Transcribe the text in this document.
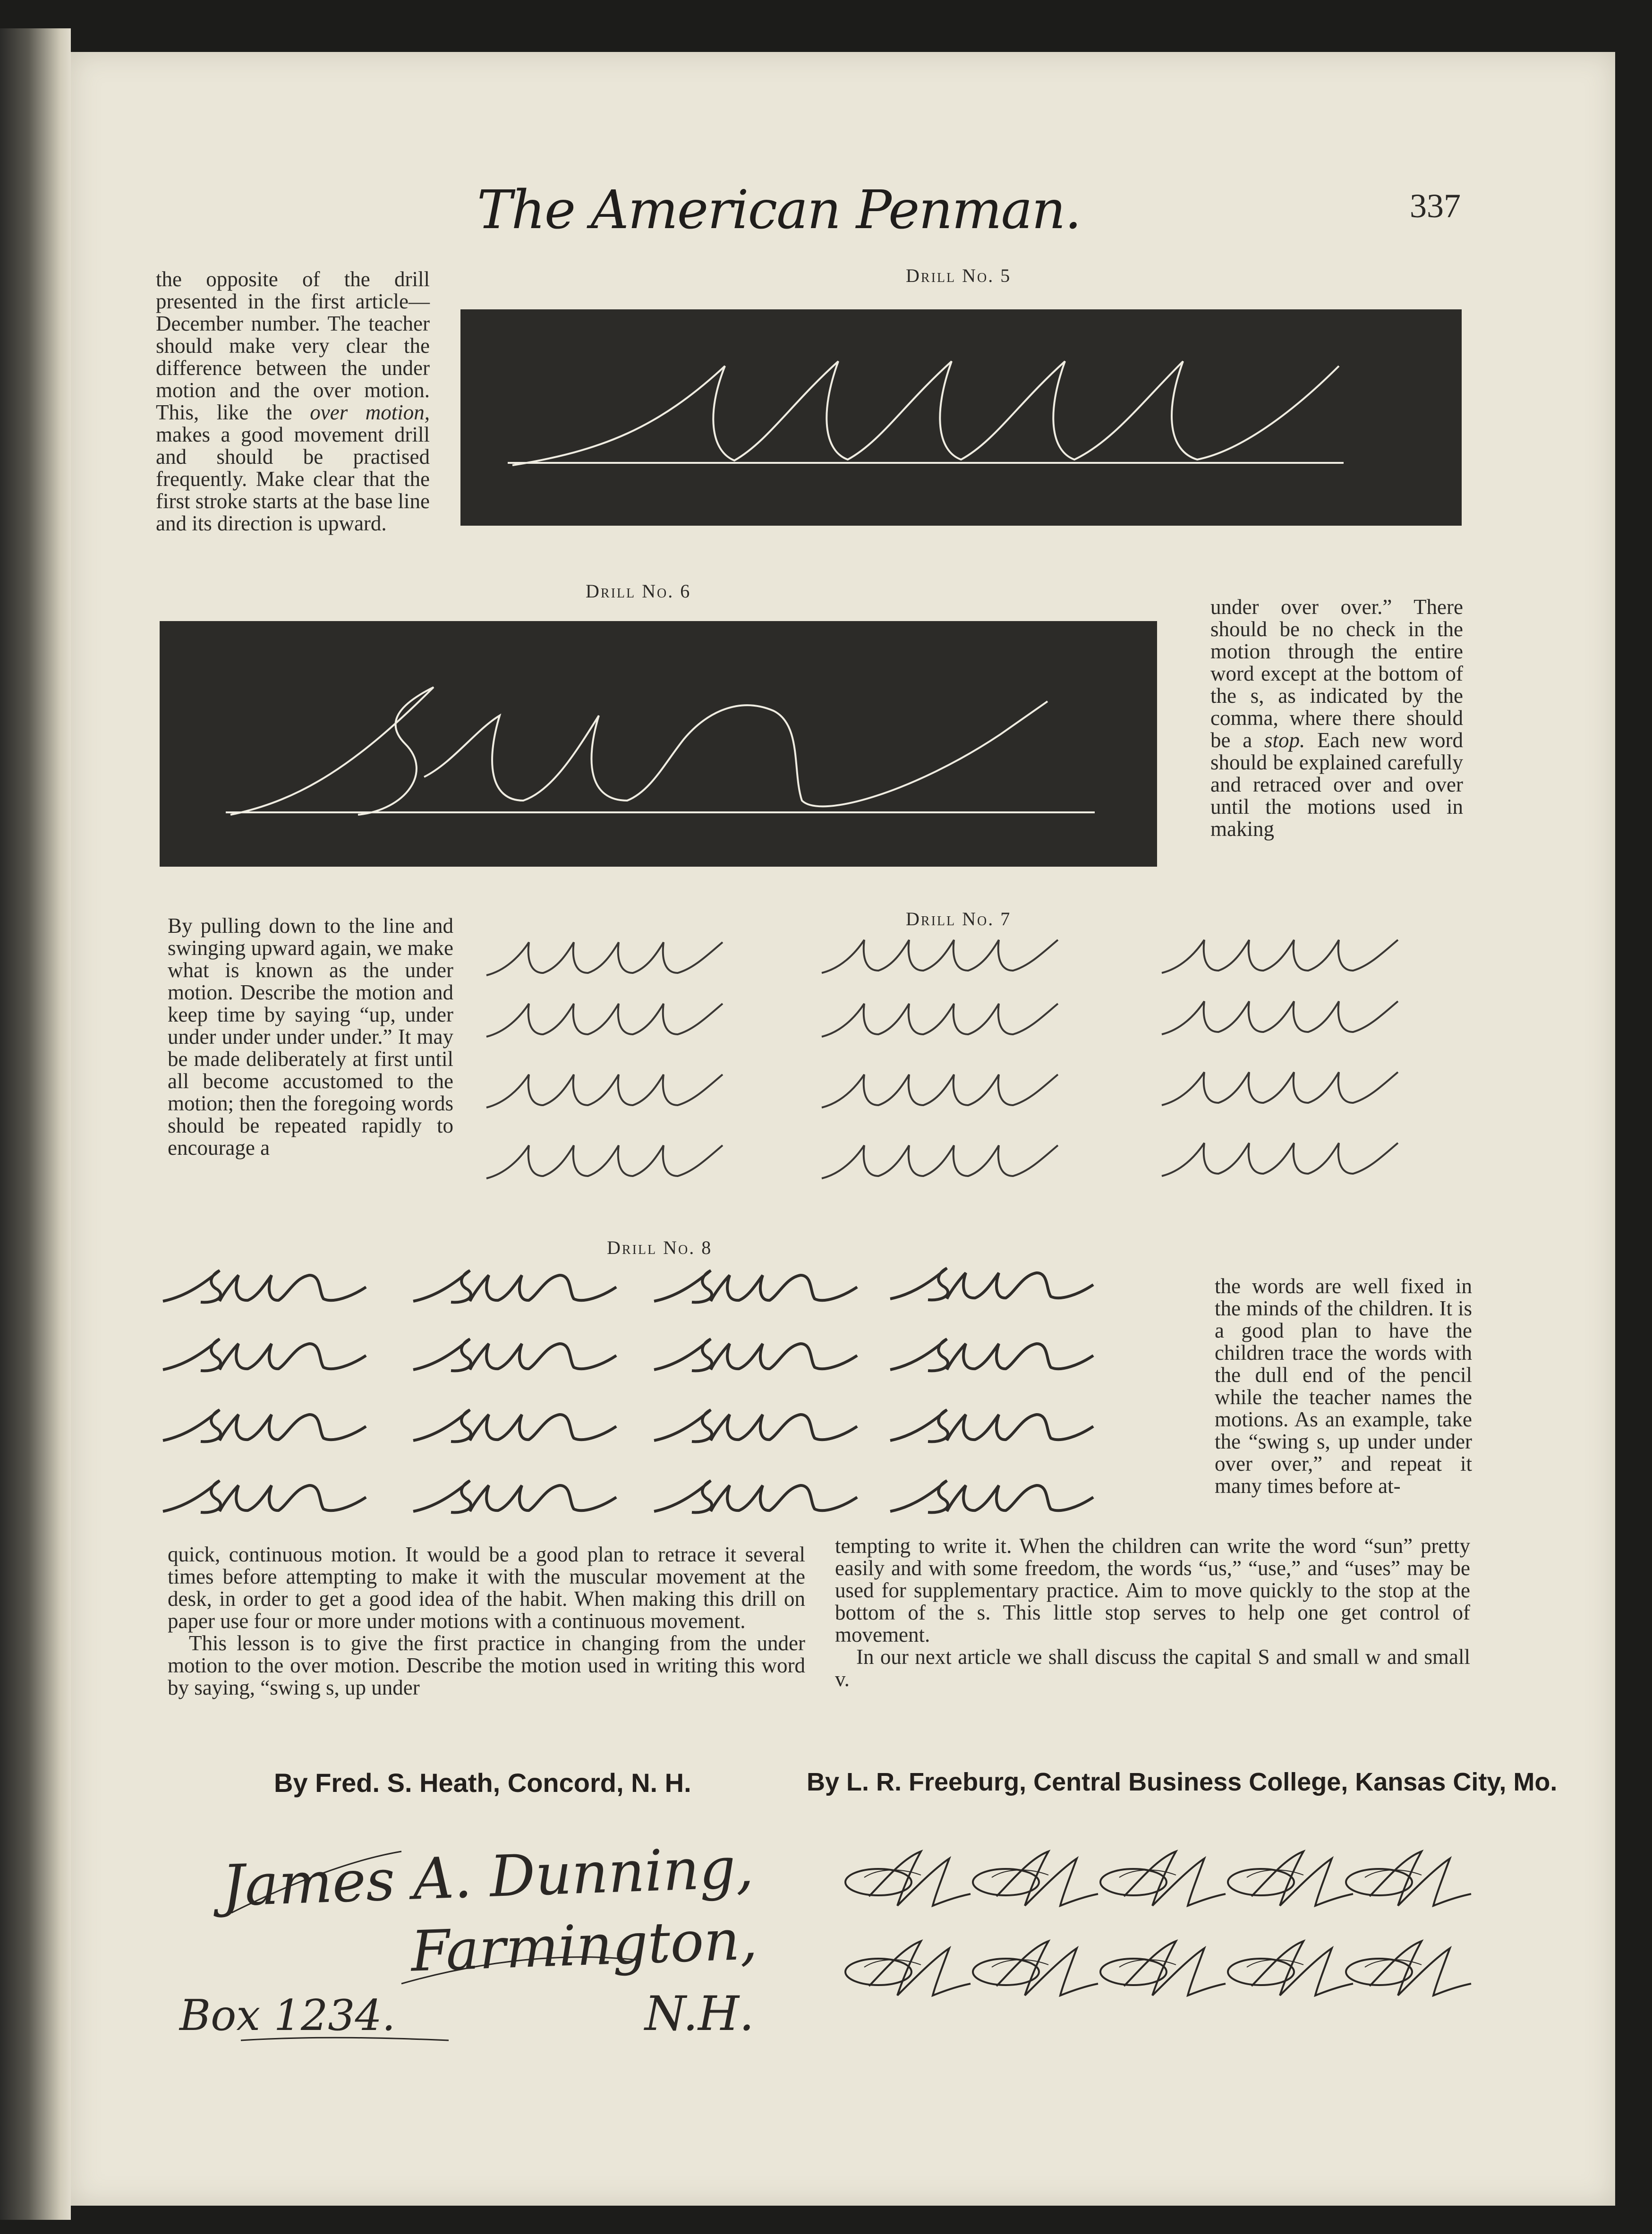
The American Penman.	337

the opposite of the drill presented in the first article—December number. The teacher should make very clear the difference between the under motion and the over motion. This, like the over motion, makes a good movement drill and should be practised frequently. Make clear that the first stroke starts at the base line and its direction is upward.

Drill No. 5
Drill No. 6

under over over.” There should be no check in the motion through the entire word except at the bottom of the s, as indicated by the comma, where there should be a stop. Each new word should be explained carefully and retraced over and over until the motions used in making

By pulling down to the line and swinging upward again, we make what is known as the under motion. Describe the motion and keep time by saying “up, under under under under under.” It may be made deliberately at first until all become accustomed to the motion; then the foregoing words should be repeated rapidly to encourage a
Drill No. 7
Drill No. 8
the words are well fixed in the minds of the children. It is a good plan to have the children trace the words with the dull end of the pencil while the teacher names the motions. As an example, take the “swing s, up under under over over,” and repeat it many times before at-

quick, continuous motion. It would be a good plan to retrace it several times before attempting to make it with the muscular movement at the desk, in order to get a good idea of the habit. When making this drill on paper use four or more under motions with a continuous movement.

This lesson is to give the first practice in changing from the under motion to the over motion. Describe the motion used in writing this word by saying, “swing s, up under

tempting to write it. When the children can write the word “sun” pretty easily and with some freedom, the words “us,” “use,” and “uses” may be used for supplementary practice. Aim to move quickly to the stop at the bottom of the s. This little stop serves to help one get control of movement.

In our next article we shall discuss the capital S and small w and small v.

By Fred. S. Heath, Concord, N. H.	By L. R. Freeburg, Central Business College, Kansas City, Mo.
James A. Dunning,
Farmington,
Box 1234.	N.H.
